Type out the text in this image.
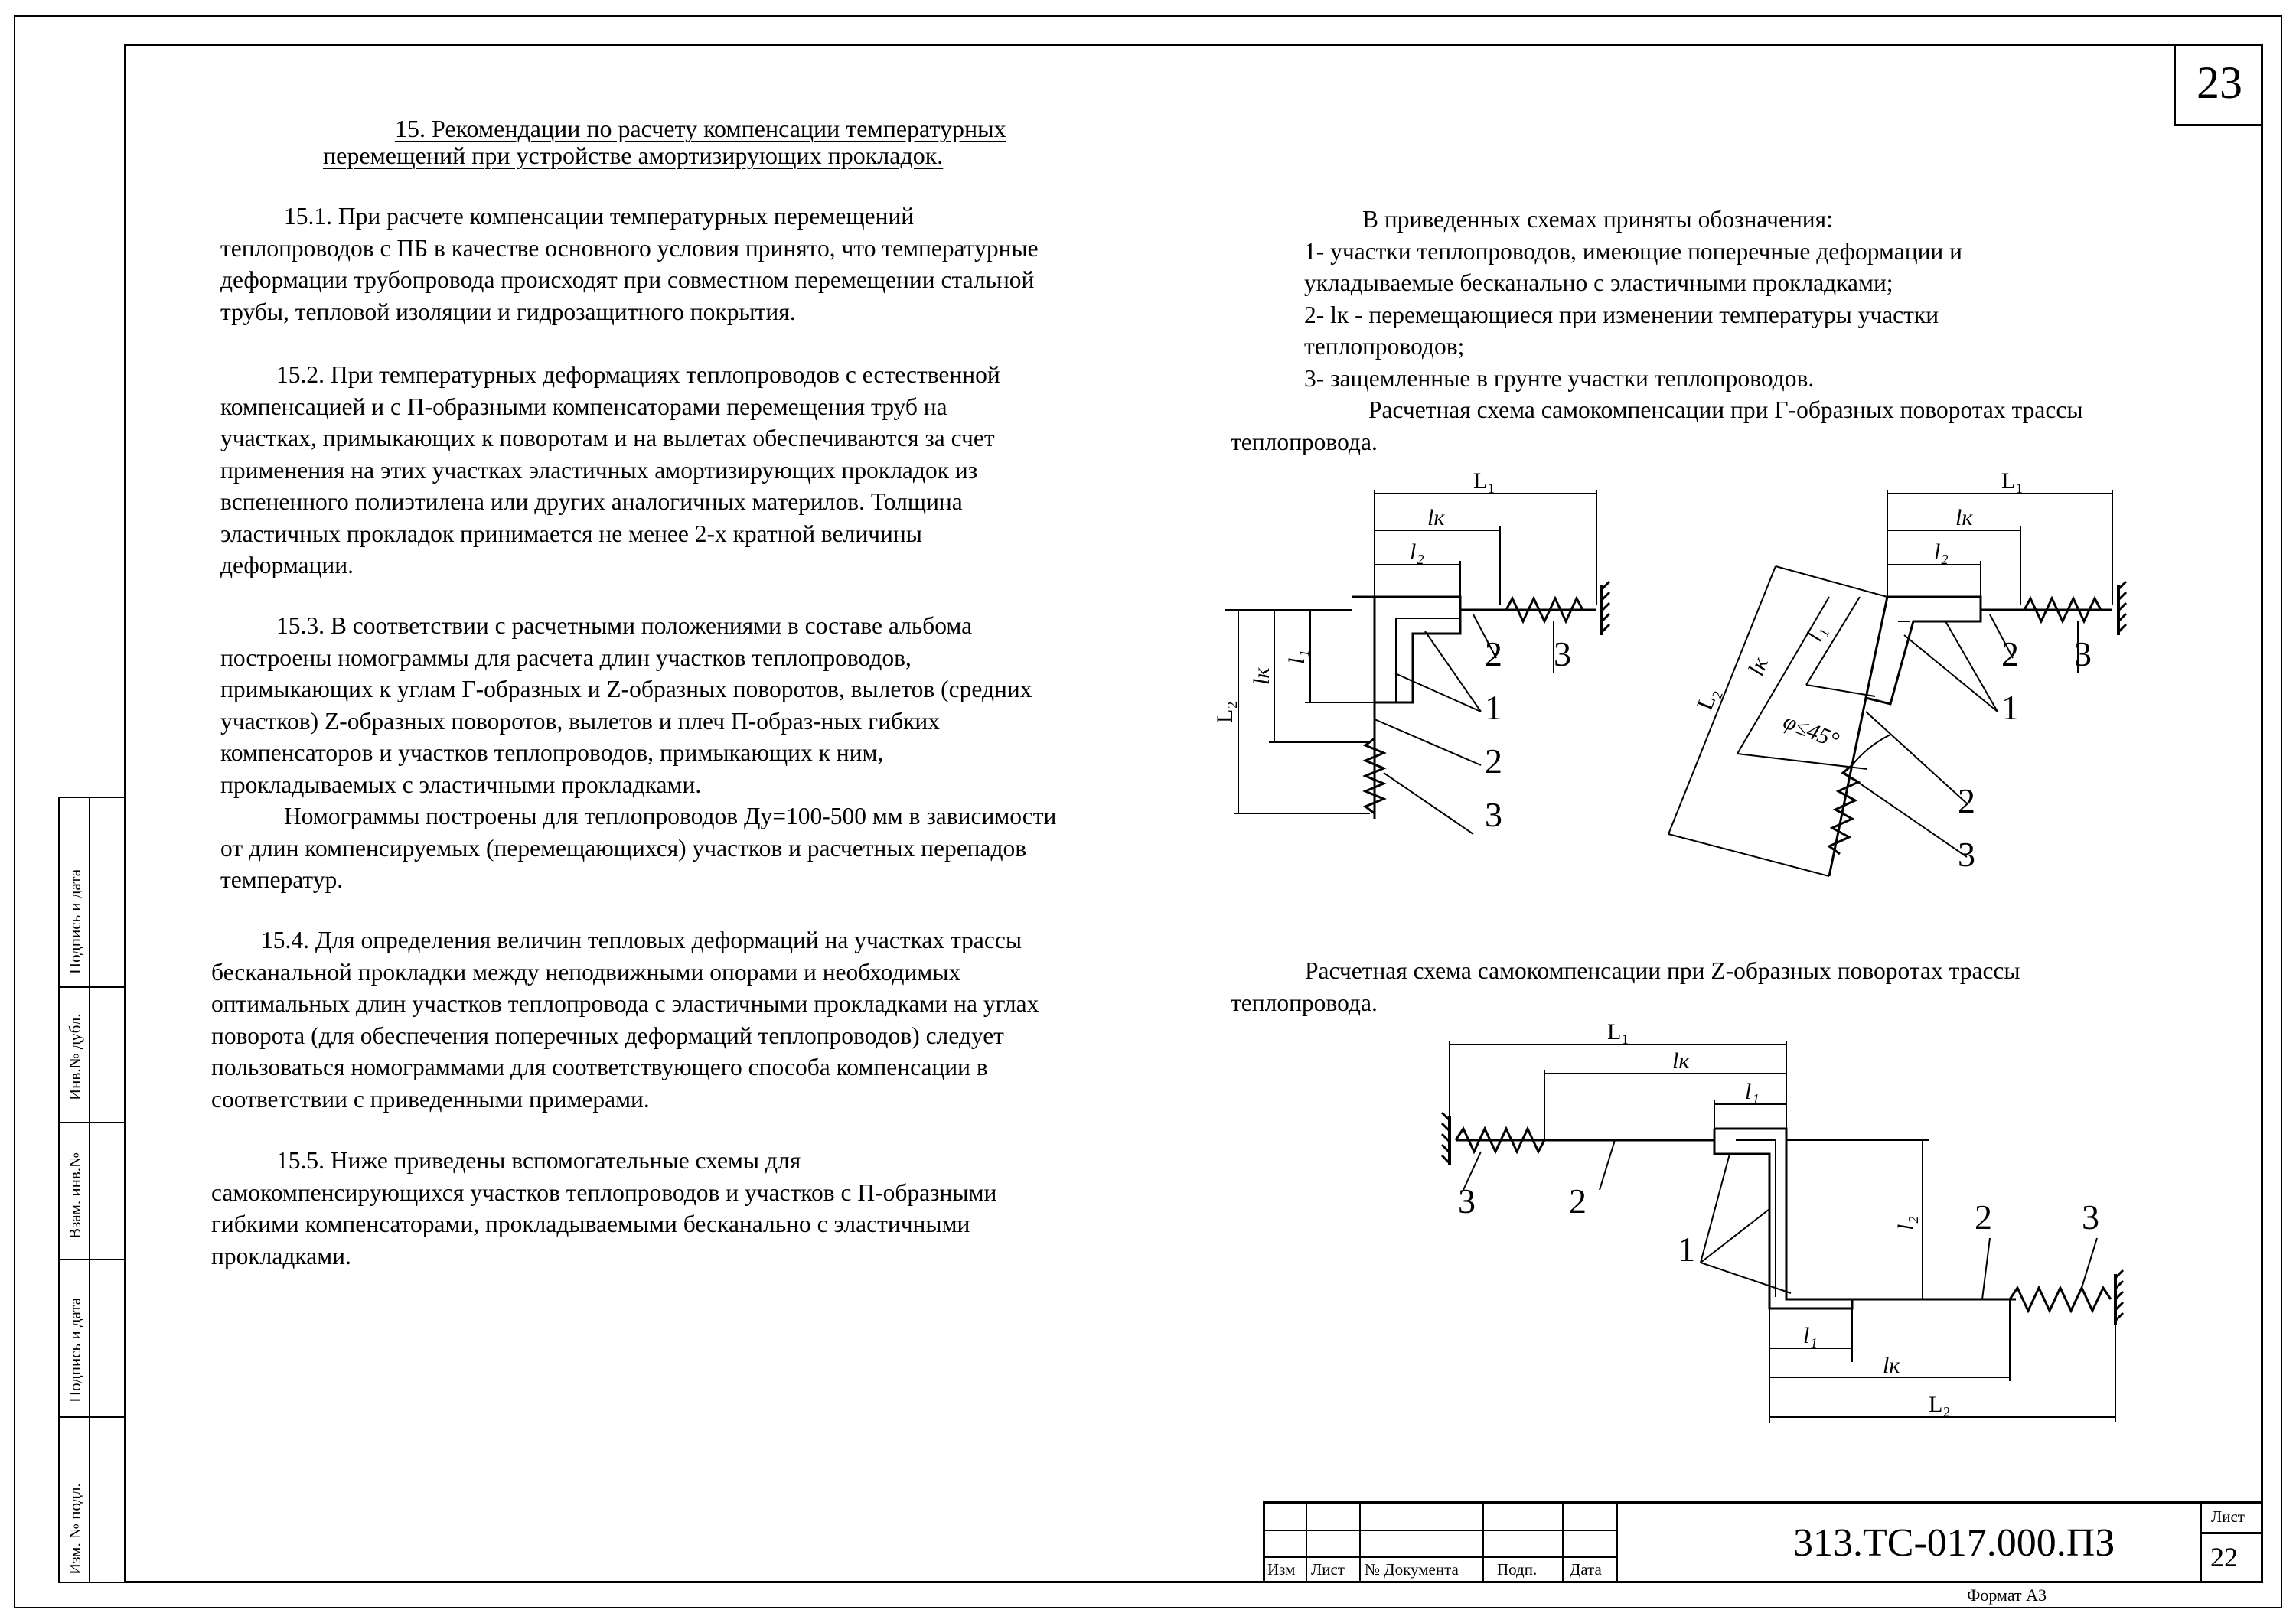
23
Подпись и дата
Инв.№ дубл.
Взам. инв.№
Подпись и дата
Изм. № подл.
15. Рекомендации по расчету компенсации температурных
перемещений при устройстве амортизирующих прокладок.
15.1. При расчете компенсации температурных перемещений
теплопроводов с ПБ в качестве основного условия принято, что температурные
деформации трубопровода происходят при совместном перемещении стальной
трубы, тепловой изоляции и гидрозащитного покрытия.
15.2. При температурных деформациях теплопроводов с естественной
компенсацией и с П-образными компенсаторами перемещения труб на
участках, примыкающих к поворотам и на вылетах обеспечиваются за счет
применения на этих участках эластичных амортизирующих прокладок из
вспененного полиэтилена или других аналогичных материлов. Толщина
эластичных прокладок принимается не менее 2-х кратной величины
деформации.
15.3. В соответствии с расчетными положениями в составе альбома
построены номограммы для расчета длин участков теплопроводов,
примыкающих к углам Г-образных и Z-образных поворотов, вылетов (средних
участков) Z-образных поворотов, вылетов и плеч П-образ-ных гибких
компенсаторов и участков теплопроводов, примыкающих к ним,
прокладываемых с эластичными прокладками.
Номограммы построены для теплопроводов Ду=100-500 мм в зависимости
от длин компенсируемых (перемещающихся) участков и расчетных перепадов
температур.
15.4. Для определения величин тепловых деформаций на участках трассы
бесканальной прокладки между неподвижными опорами и необходимых
оптимальных длин участков теплопровода с эластичными прокладками на углах
поворота (для обеспечения поперечных деформаций теплопроводов) следует
пользоваться номограммами для соответствующего способа компенсации в
соответствии с приведенными примерами.
15.5. Ниже приведены вспомогательные схемы для
самокомпенсирующихся участков теплопроводов и участков с П-образными
гибкими компенсаторами, прокладываемыми бесканально с эластичными
прокладками.
В приведенных схемах приняты обозначения:
1- участки теплопроводов, имеющие поперечные деформации и
укладываемые бесканально с эластичными прокладками;
2- lк - перемещающиеся при изменении температуры участки
теплопроводов;
3- защемленные в грунте участки теплопроводов.
Расчетная схема самокомпенсации при Г-образных поворотах трассы
теплопровода.
Расчетная схема самокомпенсации при Z-образных поворотах трассы
теплопровода.
2 3
1
2
3
2 3
1
2
3
3	2
1
2	3
L₁
lк
l₂
L₂
lк
l₁
L₁
lк
l₂
L₂
lк
l₁
φ≤45°
L₁
lк
l₁
l₂
l₁
lк
L₂
Изм Лист № Документа Подп. Дата
313.ТС-017.000.ПЗ
Лист
22
Формат А3
